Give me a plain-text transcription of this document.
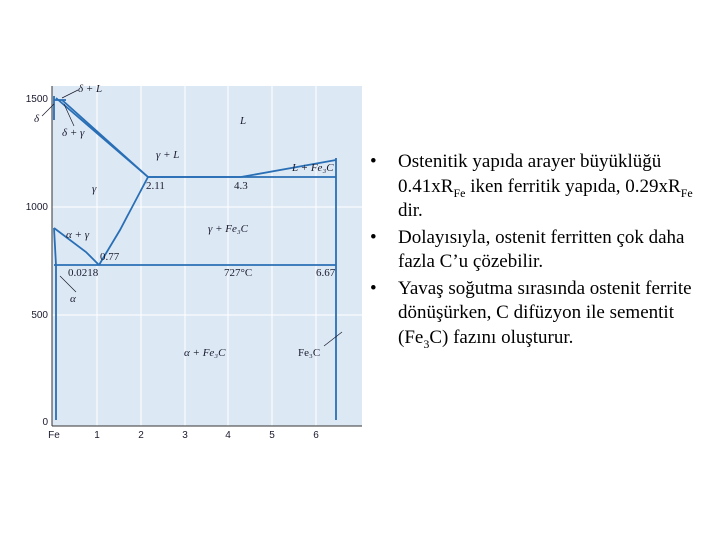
1500
1000
500
0
Fe	1	2	3	4	5	6
δ + L
δ
δ + γ
L
γ + L
L + Fe₃C
γ
α + γ	γ + Fe₃C
α
α + Fe₃C	Fe₃C
2.11	4.3
0.77
0.0218	727°C	6.67
• Ostenitik yapıda arayer büyüklüğü $0.41xR_{Fe}$ iken ferritik yapıda, $0.29xR_{Fe}$ dir.
• Dolayısıyla, ostenit ferritten çok daha fazla C’u çözebilir.
• Yavaş soğutma sırasında ostenit ferrite dönüşürken, C difüzyon ile sementit $(Fe_3C)$ fazını oluşturur.
